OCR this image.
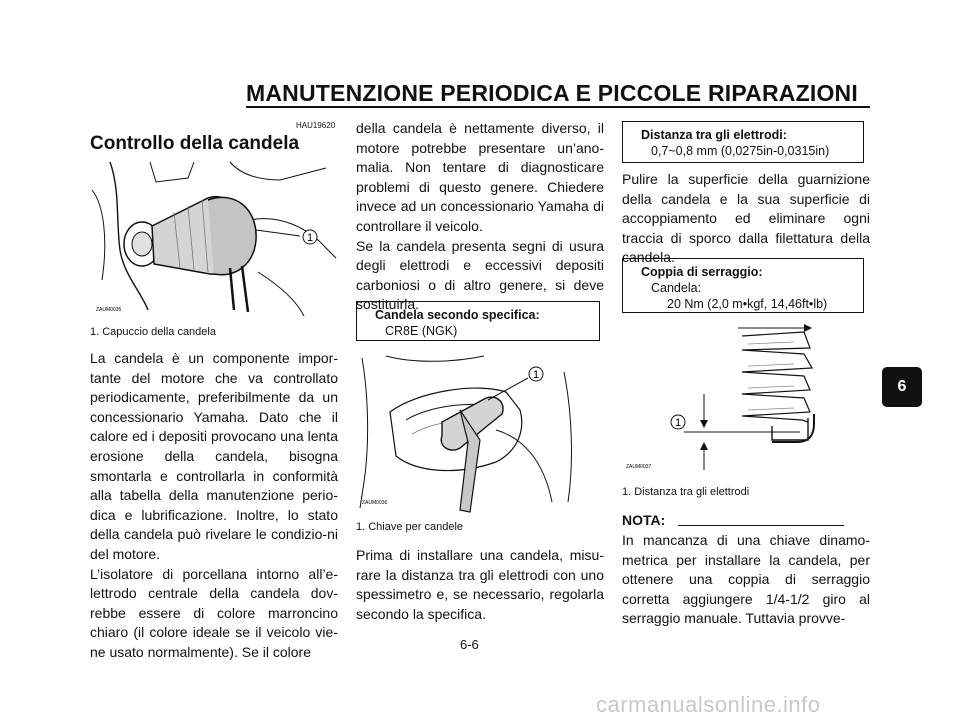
MANUTENZIONE PERIODICA E PICCOLE RIPARAZIONI
HAU19620
Controllo della candela
1
ZAUM0035
1. Capuccio della candela

La candela è un componente impor-tante del motore che va controllato periodicamente, preferibilmente da un concessionario Yamaha. Dato che il calore ed i depositi provocano una lenta erosione della candela, bisogna smontarla e controllarla in conformità alla tabella della manutenzione perio-dica e lubrificazione. Inoltre, lo stato della candela può rivelare le condizio-ni del motore.

L’isolatore di porcellana intorno all’e-lettrodo centrale della candela dov-rebbe essere di colore marroncino chiaro (il colore ideale se il veicolo vie-ne usato normalmente). Se il colore

della candela è nettamente diverso, il motore potrebbe presentare un’ano-malia. Non tentare di diagnosticare problemi di questo genere. Chiedere invece ad un concessionario Yamaha di controllare il veicolo.

Se la candela presenta segni di usura degli elettrodi e eccessivi depositi carboniosi o di altro genere, si deve sostituirla.

Candela secondo specifica:
CR8E (NGK)
1
ZAUM0036
1. Chiave per candele

Prima di installare una candela, misu-rare la distanza tra gli elettrodi con uno spessimetro e, se necessario, regolarla secondo la specifica.

Distanza tra gli elettrodi:
0,7~0,8 mm (0,0275in-0,0315in)

Pulire la superficie della guarnizione della candela e la sua superficie di accoppiamento ed eliminare ogni traccia di sporco dalla filettatura della candela.

Coppia di serraggio:
Candela:
20 Nm (2,0 m•kgf, 14,46ft•lb)
1
ZAUM0037
1. Distanza tra gli elettrodi
NOTA:

In mancanza di una chiave dinamo-metrica per installare la candela, per ottenere una coppia di serraggio corretta aggiungere 1/4-1/2 giro al serraggio manuale. Tuttavia provve-

6
6-6
carmanualsonline.info
